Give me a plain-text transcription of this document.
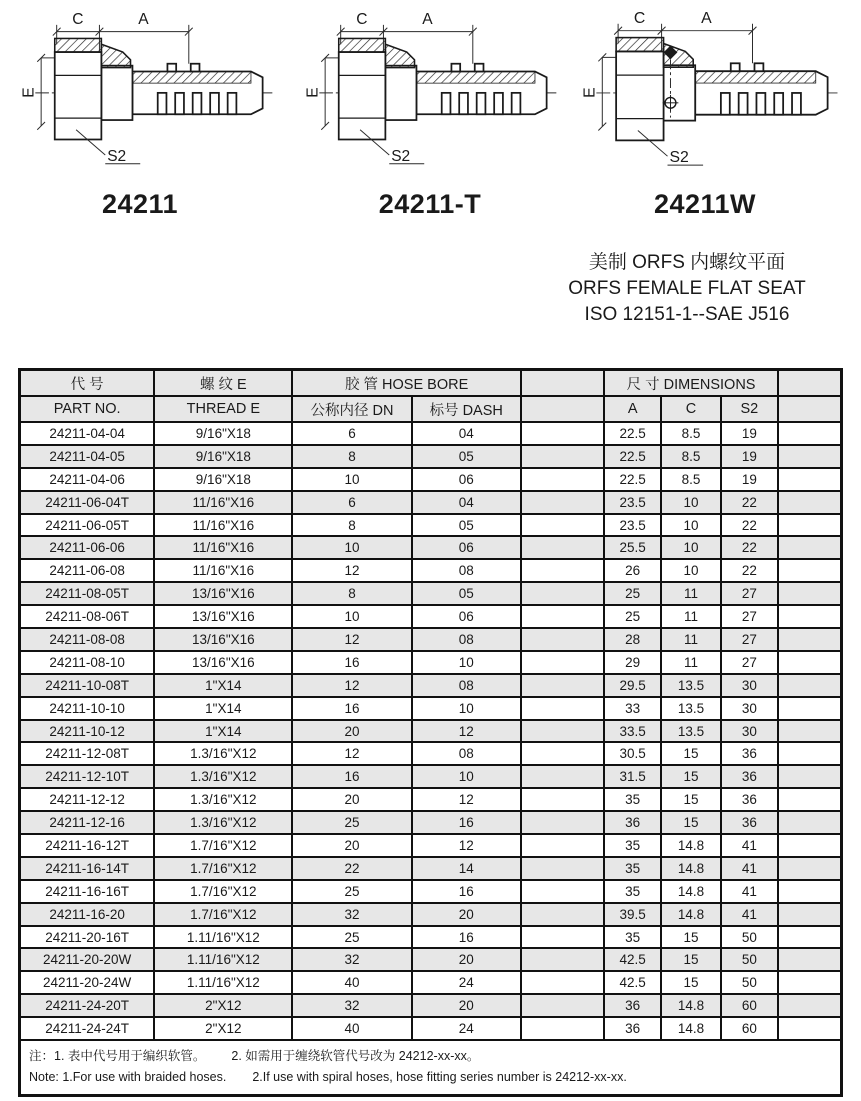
C	A
E
S2
C	A
E
S2
C	A
E
S2
24211	24211-T	24211W
美制 ORFS 内螺纹平面
ORFS FEMALE FLAT SEAT
ISO 12151-1--SAE J516
代 号	螺 纹 E	胶 管 HOSE BORE			尺 寸 DIMENSIONS			
PART NO.	THREAD E	公称内径 DN	标号 DASH		A	C	S2	
24211-04-04	9/16"X18	6	04		22.5	8.5	19	
24211-04-05	9/16"X18	8	05		22.5	8.5	19	
24211-04-06	9/16"X18	10	06		22.5	8.5	19	
24211-06-04T	11/16"X16	6	04		23.5	10	22	
24211-06-05T	11/16"X16	8	05		23.5	10	22	
24211-06-06	11/16"X16	10	06		25.5	10	22	
24211-06-08	11/16"X16	12	08		26	10	22	
24211-08-05T	13/16"X16	8	05		25	11	27	
24211-08-06T	13/16"X16	10	06		25	11	27	
24211-08-08	13/16"X16	12	08		28	11	27	
24211-08-10	13/16"X16	16	10		29	11	27	
24211-10-08T	1"X14	12	08		29.5	13.5	30	
24211-10-10	1"X14	16	10		33	13.5	30	
24211-10-12	1"X14	20	12		33.5	13.5	30	
24211-12-08T	1.3/16"X12	12	08		30.5	15	36	
24211-12-10T	1.3/16"X12	16	10		31.5	15	36	
24211-12-12	1.3/16"X12	20	12		35	15	36	
24211-12-16	1.3/16"X12	25	16		36	15	36	
24211-16-12T	1.7/16"X12	20	12		35	14.8	41	
24211-16-14T	1.7/16"X12	22	14		35	14.8	41	
24211-16-16T	1.7/16"X12	25	16		35	14.8	41	
24211-16-20	1.7/16"X12	32	20		39.5	14.8	41	
24211-20-16T	1.11/16"X12	25	16		35	15	50	
24211-20-20W	1.11/16"X12	32	20		42.5	15	50	
24211-20-24W	1.11/16"X12	40	24		42.5	15	50	
24211-24-20T	2"X12	32	20		36	14.8	60	
24211-24-24T	2"X12	40	24		36	14.8	60	

注：1. 表中代号用于编织软管。 2. 如需用于缠绕软管代号改为 24212-xx-xx。
Note: 1.For use with braided hoses. 2.If use with spiral hoses, hose fitting series number is 24212-xx-xx.								
